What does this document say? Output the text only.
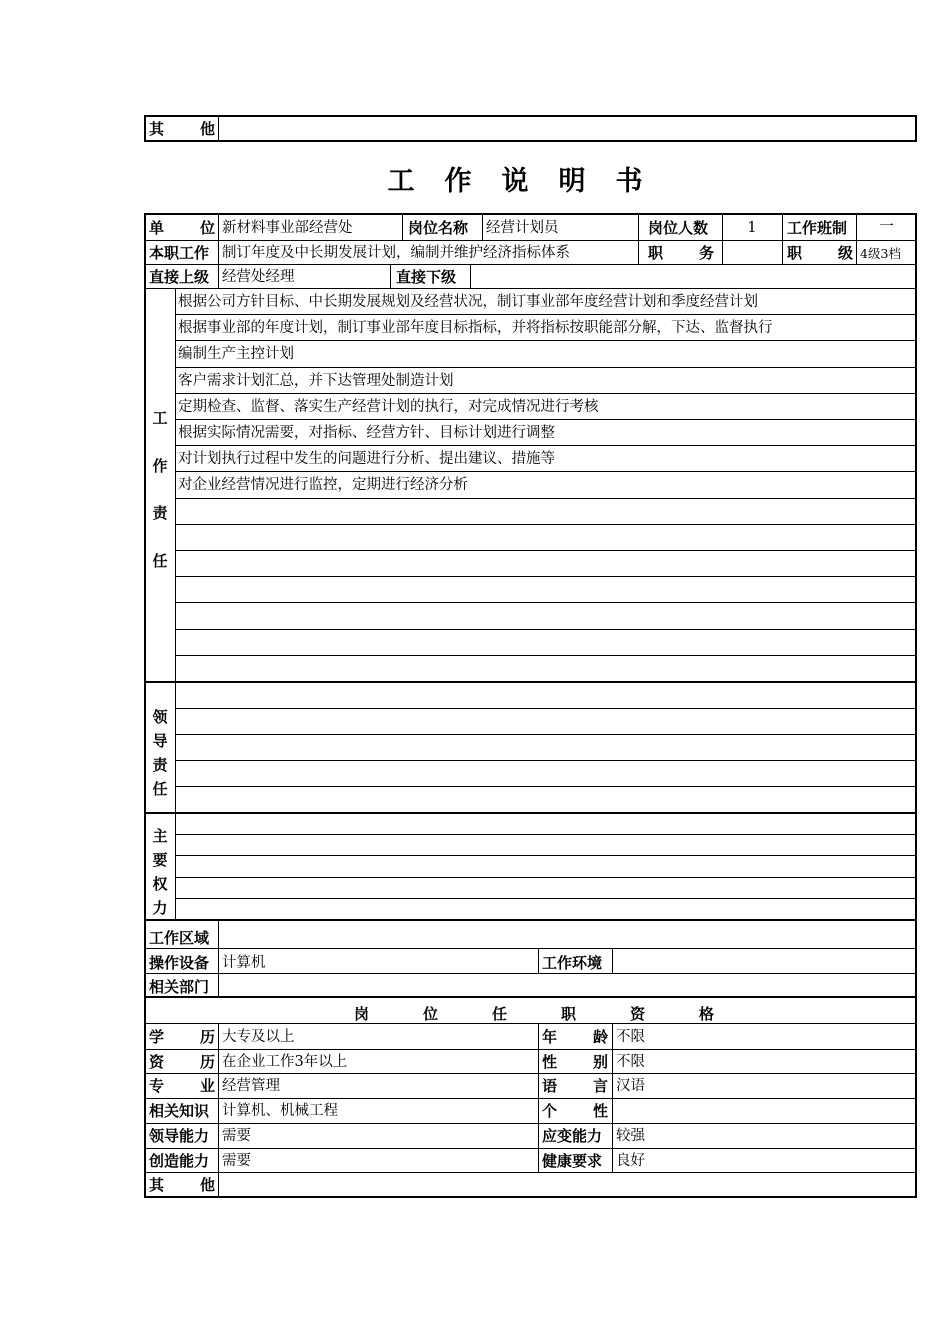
其 他
工作说明书
单 位 新材料事业部经营处	岗位名称 经营计划员	岗位人数	1	工作班制	一
本职工作 制订年度及中长期发展计划，编制并维护经济指标体系	职 务	职 级 4级3档
直接上级 经营处经理	直接下级
工
作
责
任
根据公司方针目标、中长期发展规划及经营状况，制订事业部年度经营计划和季度经营计划
根据事业部的年度计划，制订事业部年度目标指标，并将指标按职能部分解，下达、监督执行
编制生产主控计划
客户需求计划汇总，并下达管理处制造计划
定期检查、监督、落实生产经营计划的执行，对完成情况进行考核
根据实际情况需要，对指标、经营方针、目标计划进行调整
对计划执行过程中发生的问题进行分析、提出建议、措施等
对企业经营情况进行监控，定期进行经济分析
领
导
责
任
主
要
权
力
工作区域
操作设备 计算机	工作环境
相关部门
岗	位	任	职	资	格
学 历 大专及以上	年 龄 不限
资 历 在企业工作3年以上	性 别 不限
专 业 经营管理	语 言 汉语
相关知识 计算机、机械工程	个 性
领导能力 需要	应变能力 较强
创造能力 需要	健康要求 良好
其 他
